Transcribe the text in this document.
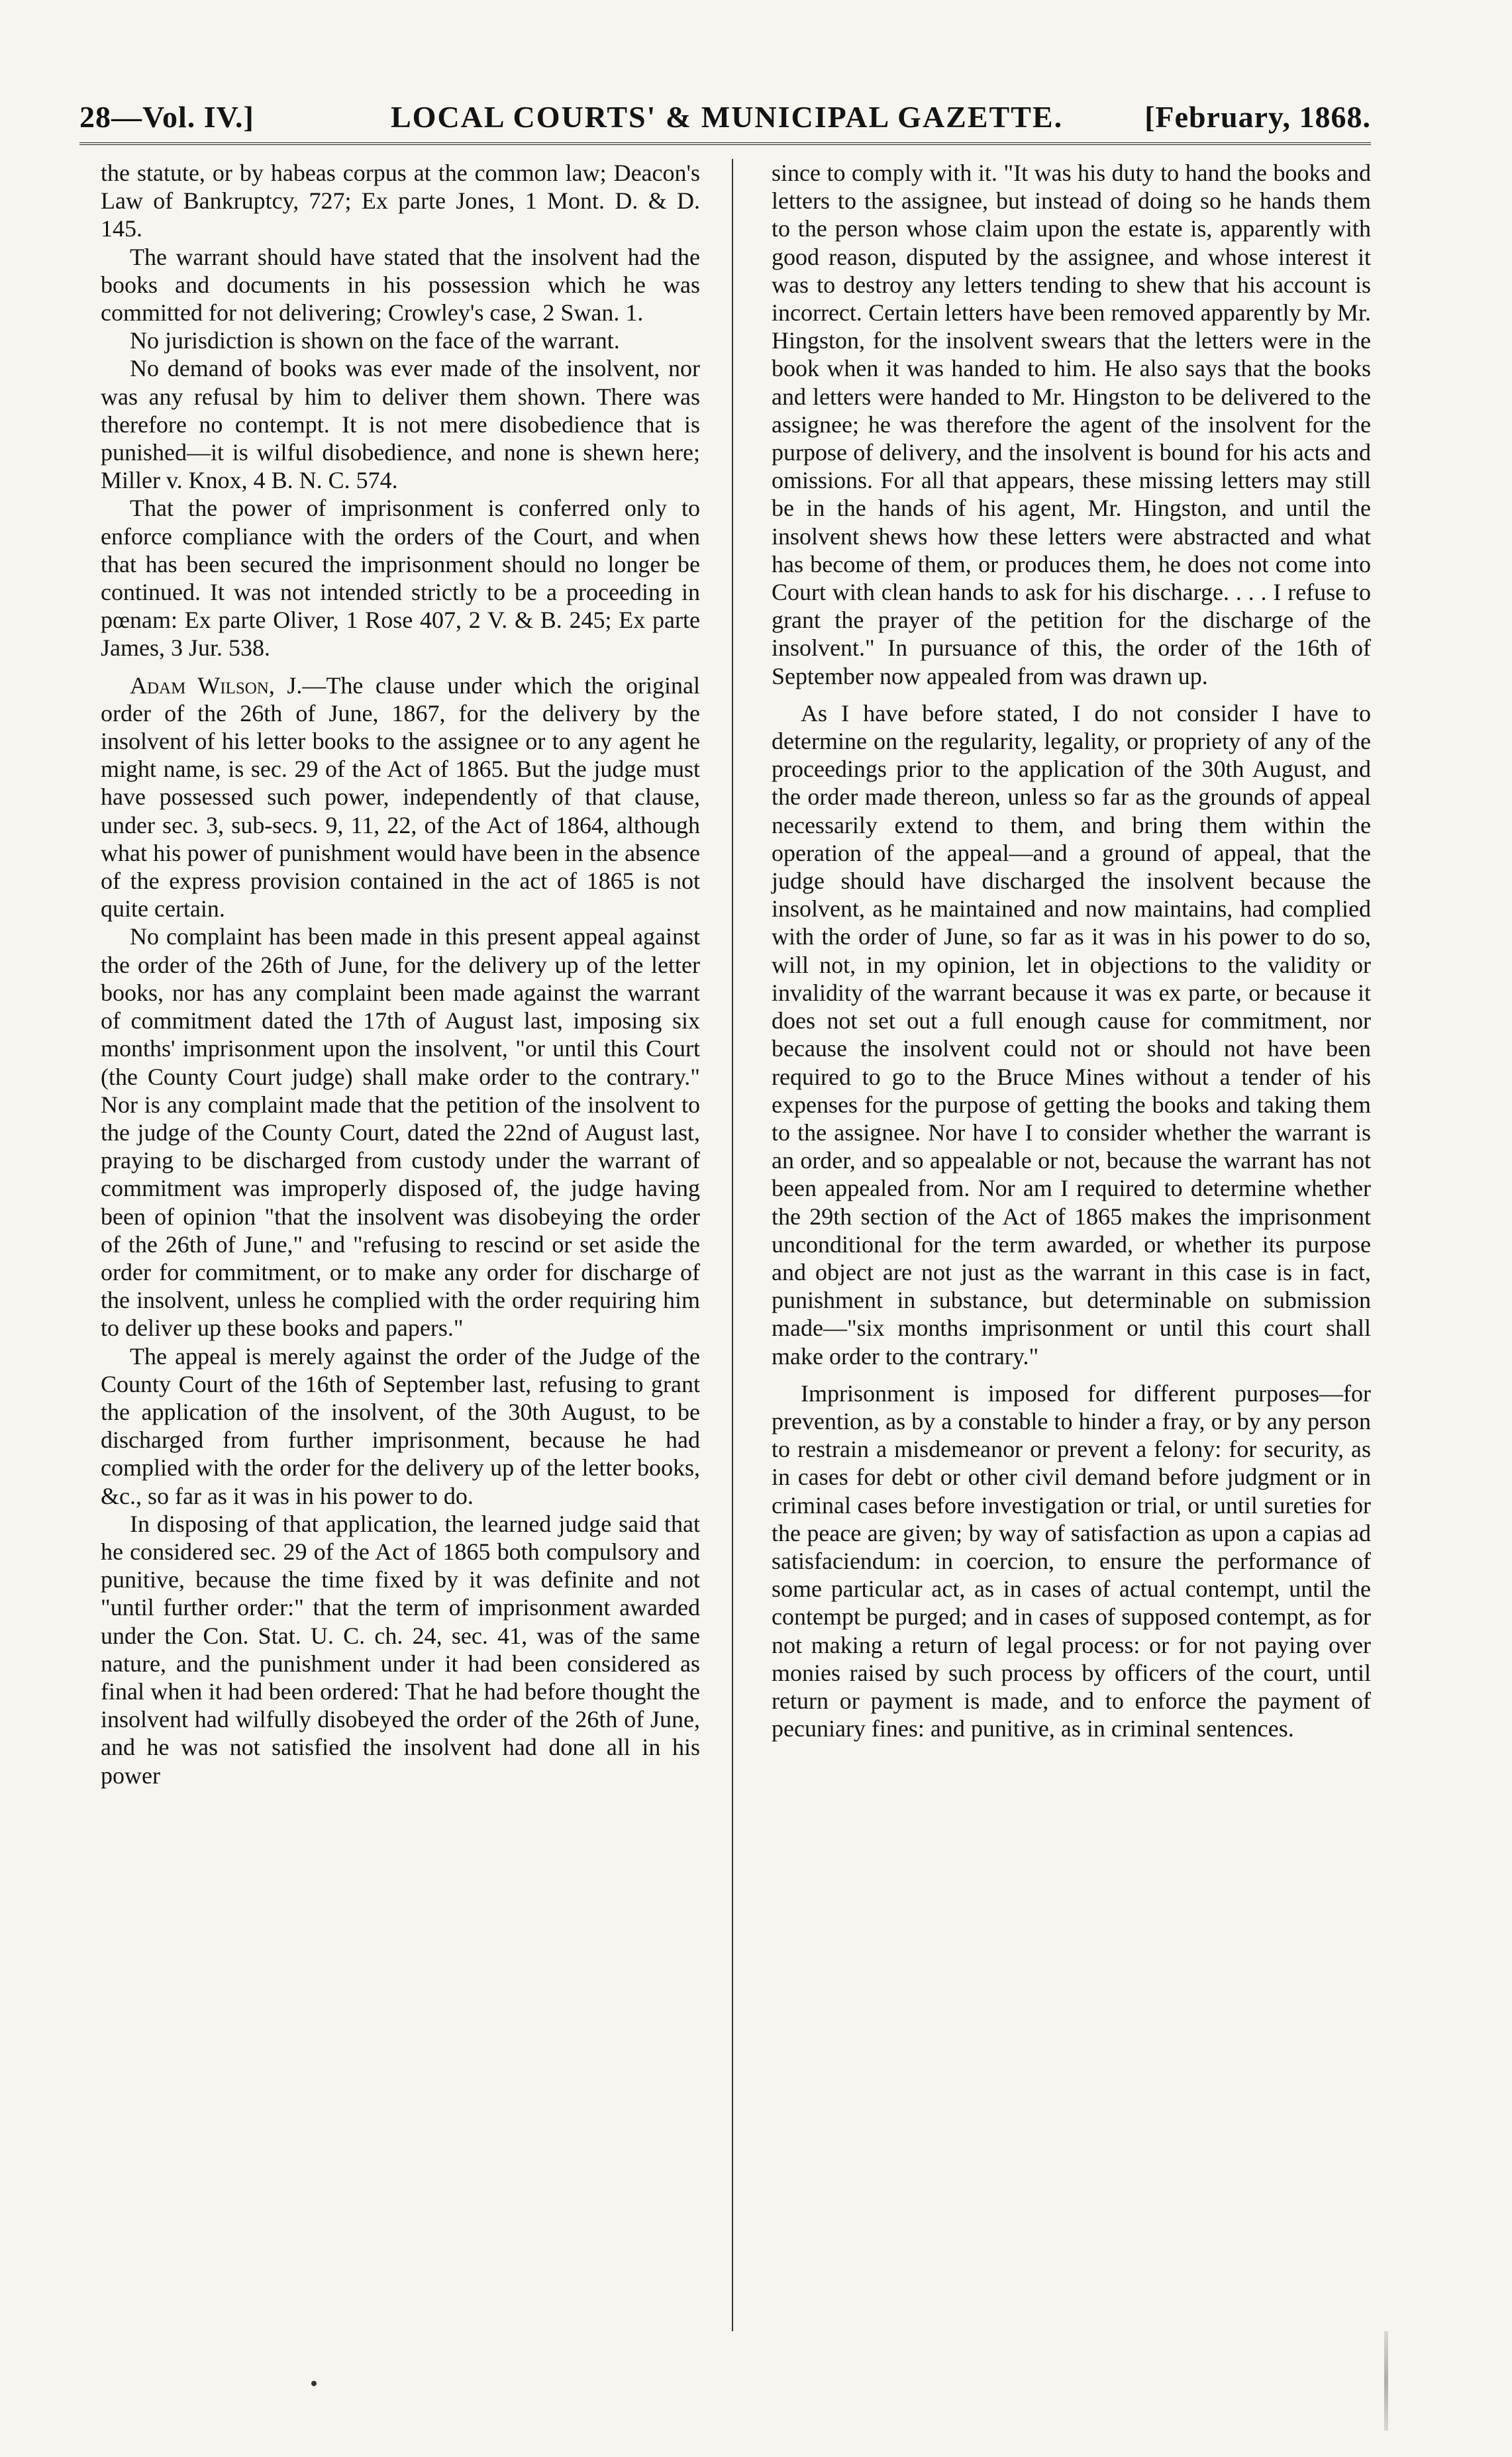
28—Vol. IV.]	LOCAL COURTS' & MUNICIPAL GAZETTE.	[February, 1868.

the statute, or by habeas corpus at the common law; Deacon's Law of Bankruptcy, 727; Ex parte Jones, 1 Mont. D. & D. 145.

The warrant should have stated that the insolvent had the books and documents in his possession which he was committed for not delivering; Crowley's case, 2 Swan. 1.

No jurisdiction is shown on the face of the warrant.

No demand of books was ever made of the insolvent, nor was any refusal by him to deliver them shown. There was therefore no contempt. It is not mere disobedience that is punished—it is wilful disobedience, and none is shewn here; Miller v. Knox, 4 B. N. C. 574.

That the power of imprisonment is conferred only to enforce compliance with the orders of the Court, and when that has been secured the imprisonment should no longer be continued. It was not intended strictly to be a proceeding in pœnam: Ex parte Oliver, 1 Rose 407, 2 V. & B. 245; Ex parte James, 3 Jur. 538.

Adam Wilson, J.—The clause under which the original order of the 26th of June, 1867, for the delivery by the insolvent of his letter books to the assignee or to any agent he might name, is sec. 29 of the Act of 1865. But the judge must have possessed such power, independently of that clause, under sec. 3, sub-secs. 9, 11, 22, of the Act of 1864, although what his power of punishment would have been in the absence of the express provision contained in the act of 1865 is not quite certain.

No complaint has been made in this present appeal against the order of the 26th of June, for the delivery up of the letter books, nor has any complaint been made against the warrant of commitment dated the 17th of August last, imposing six months' imprisonment upon the insolvent, "or until this Court (the County Court judge) shall make order to the contrary." Nor is any complaint made that the petition of the insolvent to the judge of the County Court, dated the 22nd of August last, praying to be discharged from custody under the warrant of commitment was improperly disposed of, the judge having been of opinion "that the insolvent was disobeying the order of the 26th of June," and "refusing to rescind or set aside the order for commitment, or to make any order for discharge of the insolvent, unless he complied with the order requiring him to deliver up these books and papers."

The appeal is merely against the order of the Judge of the County Court of the 16th of September last, refusing to grant the application of the insolvent, of the 30th August, to be discharged from further imprisonment, because he had complied with the order for the delivery up of the letter books, &c., so far as it was in his power to do.

In disposing of that application, the learned judge said that he considered sec. 29 of the Act of 1865 both compulsory and punitive, because the time fixed by it was definite and not "until further order:" that the term of imprisonment awarded under the Con. Stat. U. C. ch. 24, sec. 41, was of the same nature, and the punishment under it had been considered as final when it had been ordered: That he had before thought the insolvent had wilfully disobeyed the order of the 26th of June, and he was not satisfied the insolvent had done all in his power

since to comply with it. "It was his duty to hand the books and letters to the assignee, but instead of doing so he hands them to the person whose claim upon the estate is, apparently with good reason, disputed by the assignee, and whose interest it was to destroy any letters tending to shew that his account is incorrect. Certain letters have been removed apparently by Mr. Hingston, for the insolvent swears that the letters were in the book when it was handed to him. He also says that the books and letters were handed to Mr. Hingston to be delivered to the assignee; he was therefore the agent of the insolvent for the purpose of delivery, and the insolvent is bound for his acts and omissions. For all that appears, these missing letters may still be in the hands of his agent, Mr. Hingston, and until the insolvent shews how these letters were abstracted and what has become of them, or produces them, he does not come into Court with clean hands to ask for his discharge. . . . I refuse to grant the prayer of the petition for the discharge of the insolvent." In pursuance of this, the order of the 16th of September now appealed from was drawn up.

As I have before stated, I do not consider I have to determine on the regularity, legality, or propriety of any of the proceedings prior to the application of the 30th August, and the order made thereon, unless so far as the grounds of appeal necessarily extend to them, and bring them within the operation of the appeal—and a ground of appeal, that the judge should have discharged the insolvent because the insolvent, as he maintained and now maintains, had complied with the order of June, so far as it was in his power to do so, will not, in my opinion, let in objections to the validity or invalidity of the warrant because it was ex parte, or because it does not set out a full enough cause for commitment, nor because the insolvent could not or should not have been required to go to the Bruce Mines without a tender of his expenses for the purpose of getting the books and taking them to the assignee. Nor have I to consider whether the warrant is an order, and so appealable or not, because the warrant has not been appealed from. Nor am I required to determine whether the 29th section of the Act of 1865 makes the imprisonment unconditional for the term awarded, or whether its purpose and object are not just as the warrant in this case is in fact, punishment in substance, but determinable on submission made—"six months imprisonment or until this court shall make order to the contrary."

Imprisonment is imposed for different purposes—for prevention, as by a constable to hinder a fray, or by any person to restrain a misdemeanor or prevent a felony: for security, as in cases for debt or other civil demand before judgment or in criminal cases before investigation or trial, or until sureties for the peace are given; by way of satisfaction as upon a capias ad satisfaciendum: in coercion, to ensure the performance of some particular act, as in cases of actual contempt, until the contempt be purged; and in cases of supposed contempt, as for not making a return of legal process: or for not paying over monies raised by such process by officers of the court, until return or payment is made, and to enforce the payment of pecuniary fines: and punitive, as in criminal sentences.
